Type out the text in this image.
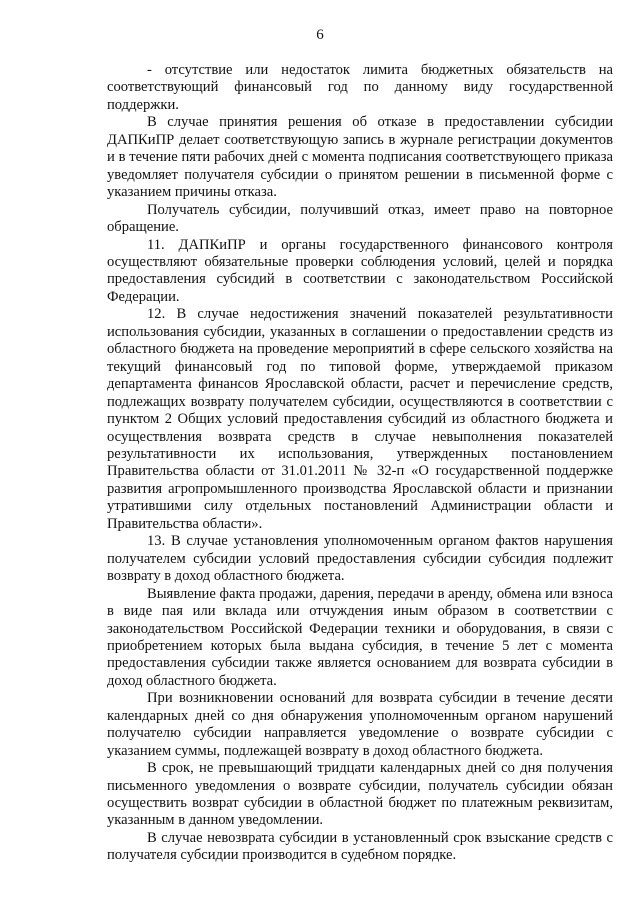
6

- отсутствие или недостаток лимита бюджетных обязательств на соответствующий финансовый год по данному виду государственной поддержки.

В случае принятия решения об отказе в предоставлении субсидии ДАПКиПР делает соответствующую запись в журнале регистрации документов и в течение пяти рабочих дней с момента подписания соответствующего приказа уведомляет получателя субсидии о принятом решении в письменной форме с указанием причины отказа.

Получатель субсидии, получивший отказ, имеет право на повторное обращение.

11. ДАПКиПР и органы государственного финансового контроля осуществляют обязательные проверки соблюдения условий, целей и порядка предоставления субсидий в соответствии с законодательством Российской Федерации.

12. В случае недостижения значений показателей результативности использования субсидии, указанных в соглашении о предоставлении средств из областного бюджета на проведение мероприятий в сфере сельского хозяйства на текущий финансовый год по типовой форме, утверждаемой приказом департамента финансов Ярославской области, расчет и перечисление средств, подлежащих возврату получателем субсидии, осуществляются в соответствии с пунктом 2 Общих условий предоставления субсидий из областного бюджета и осуществления возврата средств в случае невыполнения показателей результативности их использования, утвержденных постановлением Правительства области от 31.01.2011 № 32-п «О государственной поддержке развития агропромышленного производства Ярославской области и признании утратившими силу отдельных постановлений Администрации области и Правительства области».

13. В случае установления уполномоченным органом фактов нарушения получателем субсидии условий предоставления субсидии субсидия подлежит возврату в доход областного бюджета.

Выявление факта продажи, дарения, передачи в аренду, обмена или взноса в виде пая или вклада или отчуждения иным образом в соответствии с законодательством Российской Федерации техники и оборудования, в связи с приобретением которых была выдана субсидия, в течение 5 лет с момента предоставления субсидии также является основанием для возврата субсидии в доход областного бюджета.

При возникновении оснований для возврата субсидии в течение десяти календарных дней со дня обнаружения уполномоченным органом нарушений получателю субсидии направляется уведомление о возврате субсидии с указанием суммы, подлежащей возврату в доход областного бюджета.

В срок, не превышающий тридцати календарных дней со дня получения письменного уведомления о возврате субсидии, получатель субсидии обязан осуществить возврат субсидии в областной бюджет по платежным реквизитам, указанным в данном уведомлении.

В случае невозврата субсидии в установленный срок взыскание средств с получателя субсидии производится в судебном порядке.
